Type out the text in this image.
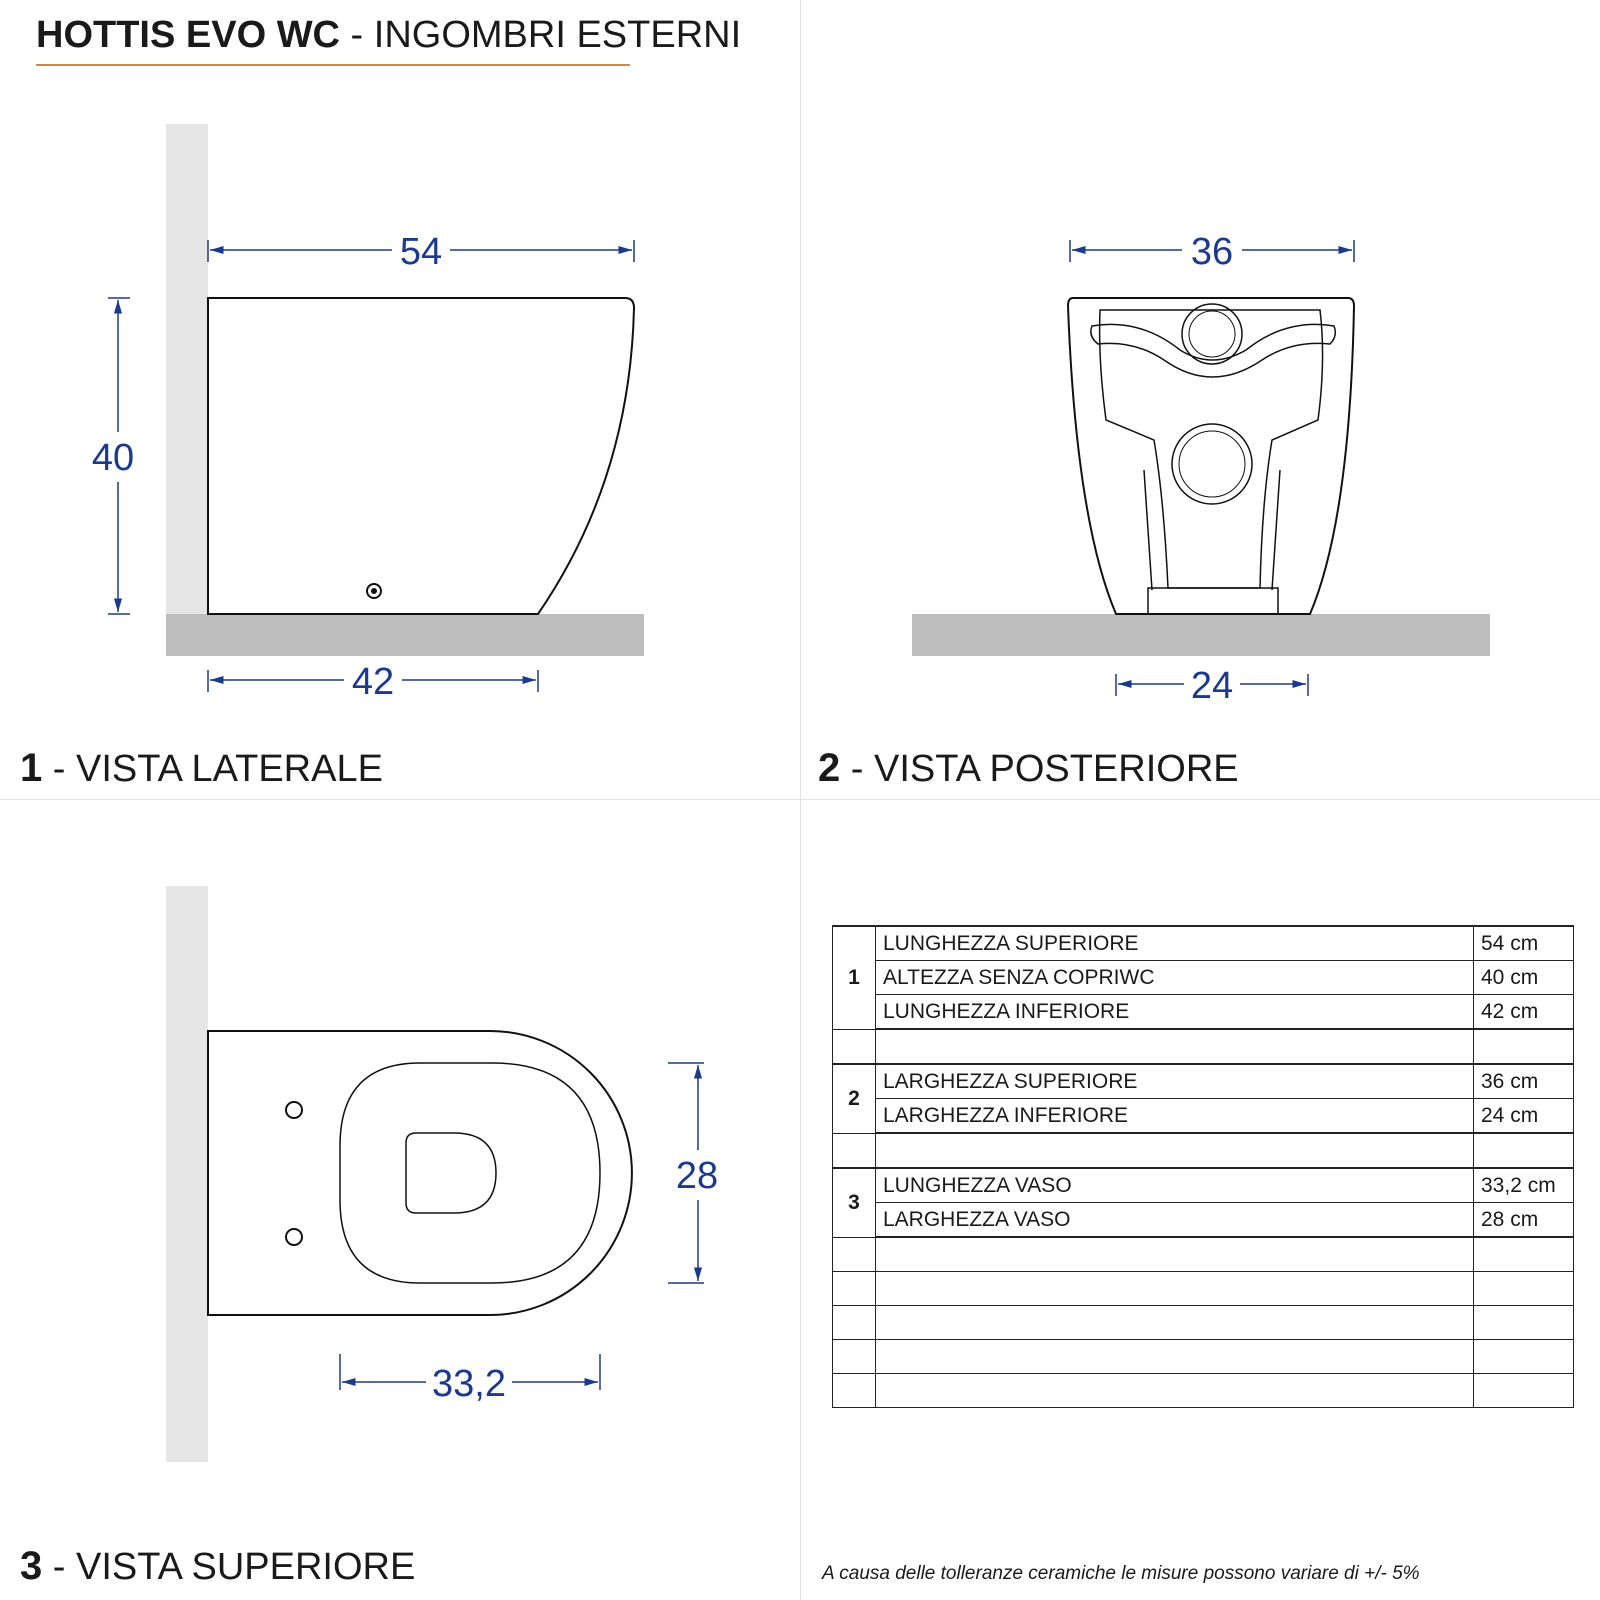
HOTTIS EVO WC - INGOMBRI ESTERNI
54
40
42
36
24
28
33,2
1 - VISTA LATERALE	2 - VISTA POSTERIORE
3 - VISTA SUPERIORE
1	LUNGHEZZA SUPERIORE	54 cm
	ALTEZZA SENZA COPRIWC	40 cm
	LUNGHEZZA INFERIORE	42 cm

2	LARGHEZZA SUPERIORE	36 cm
	LARGHEZZA INFERIORE	24 cm

3	LUNGHEZZA VASO	33,2 cm
	LARGHEZZA VASO	28 cm

A causa delle tolleranze ceramiche le misure possono variare di +/- 5%
